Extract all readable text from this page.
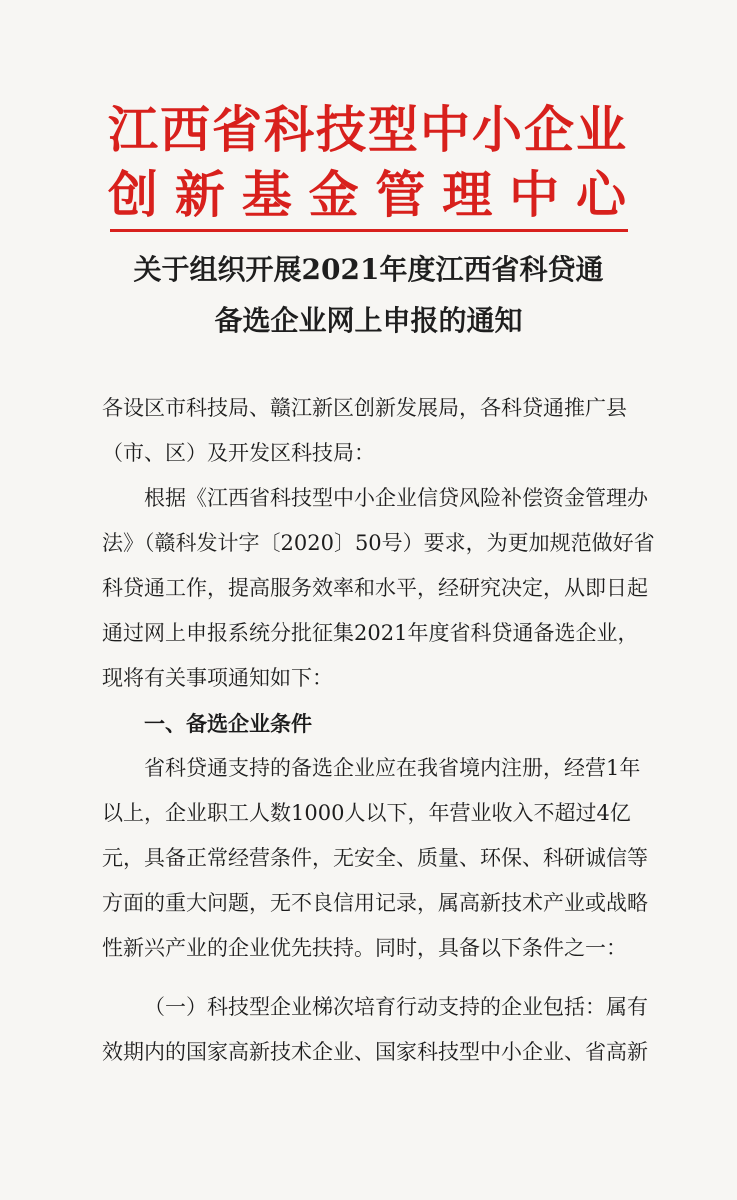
江西省科技型中小企业
创新基金管理中心
关于组织开展2021年度江西省科贷通
备选企业网上申报的通知
各设区市科技局、赣江新区创新发展局，各科贷通推广县
（市、区）及开发区科技局：
根据《江西省科技型中小企业信贷风险补偿资金管理办
法》（赣科发计字〔2020〕50号）要求，为更加规范做好省
科贷通工作，提高服务效率和水平，经研究决定，从即日起
通过网上申报系统分批征集2021年度省科贷通备选企业，
现将有关事项通知如下：
一、备选企业条件
省科贷通支持的备选企业应在我省境内注册，经营1年
以上，企业职工人数1000人以下，年营业收入不超过4亿
元，具备正常经营条件，无安全、质量、环保、科研诚信等
方面的重大问题，无不良信用记录，属高新技术产业或战略
性新兴产业的企业优先扶持。同时，具备以下条件之一：
（一）科技型企业梯次培育行动支持的企业包括：属有
效期内的国家高新技术企业、国家科技型中小企业、省高新
